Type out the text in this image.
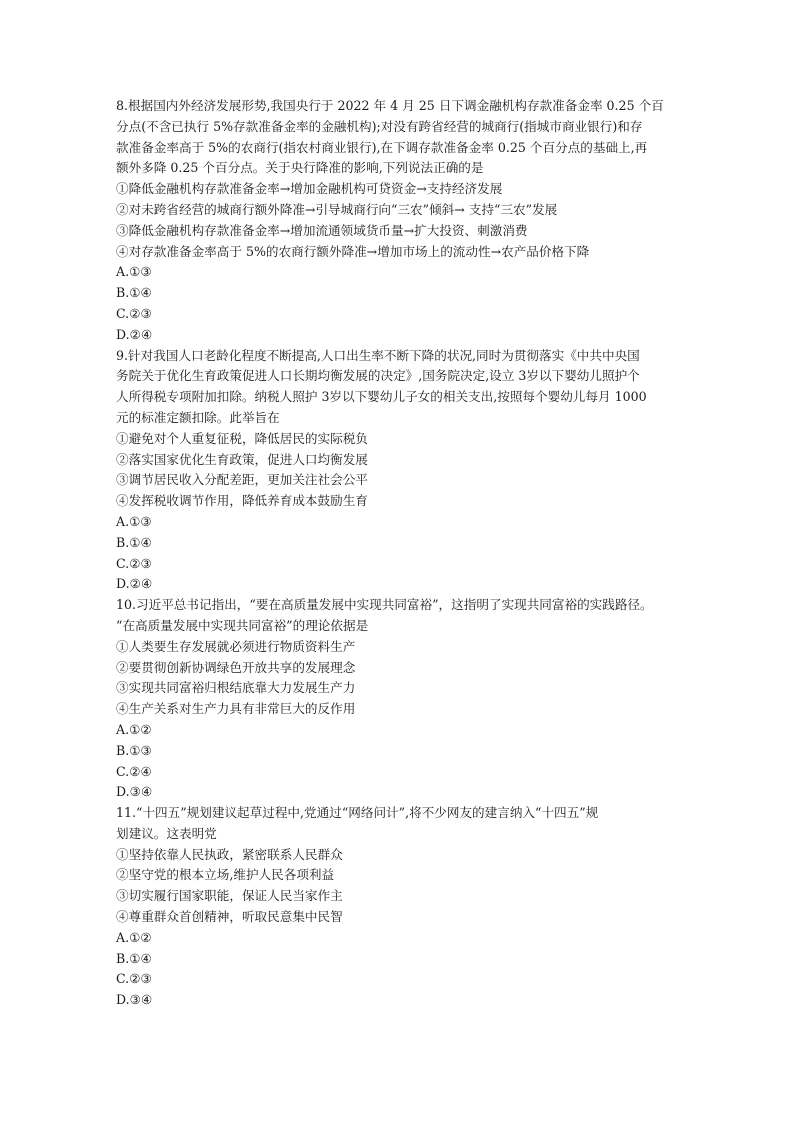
8.根据国内外经济发展形势,我国央行于 2022 年 4 月 25 日下调金融机构存款准备金率 0.25 个百
分点(不含已执行 5%存款准备金率的金融机构);对没有跨省经营的城商行(指城市商业银行)和存
款准备金率高于 5%的农商行(指农村商业银行),在下调存款准备金率 0.25 个百分点的基础上,再
额外多降 0.25 个百分点。关于央行降准的影响,下列说法正确的是
①降低金融机构存款准备金率→增加金融机构可贷资金→支持经济发展
②对未跨省经营的城商行额外降准→引导城商行向“三农”倾斜→ 支持“三农”发展
③降低金融机构存款准备金率→增加流通领域货币量→扩大投资、刺激消费
④对存款准备金率高于 5%的农商行额外降准→增加市场上的流动性→农产品价格下降
A.①③
B.①④
C.②③
D.②④
9.针对我国人口老龄化程度不断提高,人口出生率不断下降的状况,同时为贯彻落实《中共中央国
务院关于优化生育政策促进人口长期均衡发展的决定》,国务院决定,设立 3岁以下婴幼儿照护个
人所得税专项附加扣除。纳税人照护 3岁以下婴幼儿子女的相关支出,按照每个婴幼儿每月 1000
元的标准定额扣除。此举旨在
①避免对个人重复征税，降低居民的实际税负
②落实国家优化生育政策，促进人口均衡发展
③调节居民收入分配差距，更加关注社会公平
④发挥税收调节作用，降低养育成本鼓励生育
A.①③
B.①④
C.②③
D.②④
10.习近平总书记指出，“要在高质量发展中实现共同富裕”，这指明了实现共同富裕的实践路径。
“在高质量发展中实现共同富裕”的理论依据是
①人类要生存发展就必须进行物质资料生产
②要贯彻创新协调绿色开放共享的发展理念
③实现共同富裕归根结底靠大力发展生产力
④生产关系对生产力具有非常巨大的反作用
A.①②
B.①③
C.②④
D.③④
11.“十四五”规划建议起草过程中,党通过“网络问计”,将不少网友的建言纳入“十四五”规
划建议。这表明党
①坚持依靠人民执政，紧密联系人民群众
②坚守党的根本立场,维护人民各项利益
③切实履行国家职能，保证人民当家作主
④尊重群众首创精神，听取民意集中民智
A.①②
B.①④
C.②③
D.③④
